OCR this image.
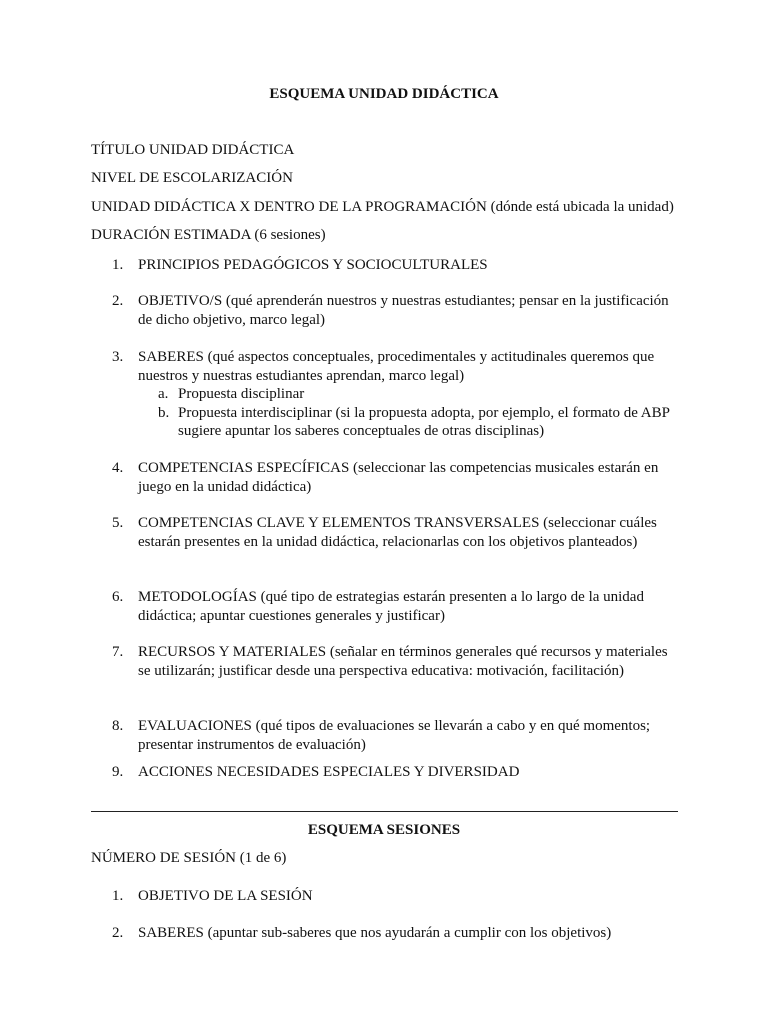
ESQUEMA UNIDAD DIDÁCTICA
TÍTULO UNIDAD DIDÁCTICA
NIVEL DE ESCOLARIZACIÓN
UNIDAD DIDÁCTICA X DENTRO DE LA PROGRAMACIÓN (dónde está ubicada la unidad)
DURACIÓN ESTIMADA (6 sesiones)
1. PRINCIPIOS PEDAGÓGICOS Y SOCIOCULTURALES
2. OBJETIVO/S (qué aprenderán nuestros y nuestras estudiantes; pensar en la justificación de dicho objetivo, marco legal)
3. SABERES (qué aspectos conceptuales, procedimentales y actitudinales queremos que nuestros y nuestras estudiantes aprendan, marco legal)
a. Propuesta disciplinar
b. Propuesta interdisciplinar (si la propuesta adopta, por ejemplo, el formato de ABP sugiere apuntar los saberes conceptuales de otras disciplinas)
4. COMPETENCIAS ESPECÍFICAS (seleccionar las competencias musicales estarán en juego en la unidad didáctica)
5. COMPETENCIAS CLAVE Y ELEMENTOS TRANSVERSALES (seleccionar cuáles estarán presentes en la unidad didáctica, relacionarlas con los objetivos planteados)
6. METODOLOGÍAS (qué tipo de estrategias estarán presenten a lo largo de la unidad didáctica; apuntar cuestiones generales y justificar)
7. RECURSOS Y MATERIALES (señalar en términos generales qué recursos y materiales se utilizarán; justificar desde una perspectiva educativa: motivación, facilitación)
8. EVALUACIONES (qué tipos de evaluaciones se llevarán a cabo y en qué momentos; presentar instrumentos de evaluación)
9. ACCIONES NECESIDADES ESPECIALES Y DIVERSIDAD
ESQUEMA SESIONES
NÚMERO DE SESIÓN (1 de 6)
1. OBJETIVO DE LA SESIÓN
2. SABERES (apuntar sub-saberes que nos ayudarán a cumplir con los objetivos)
